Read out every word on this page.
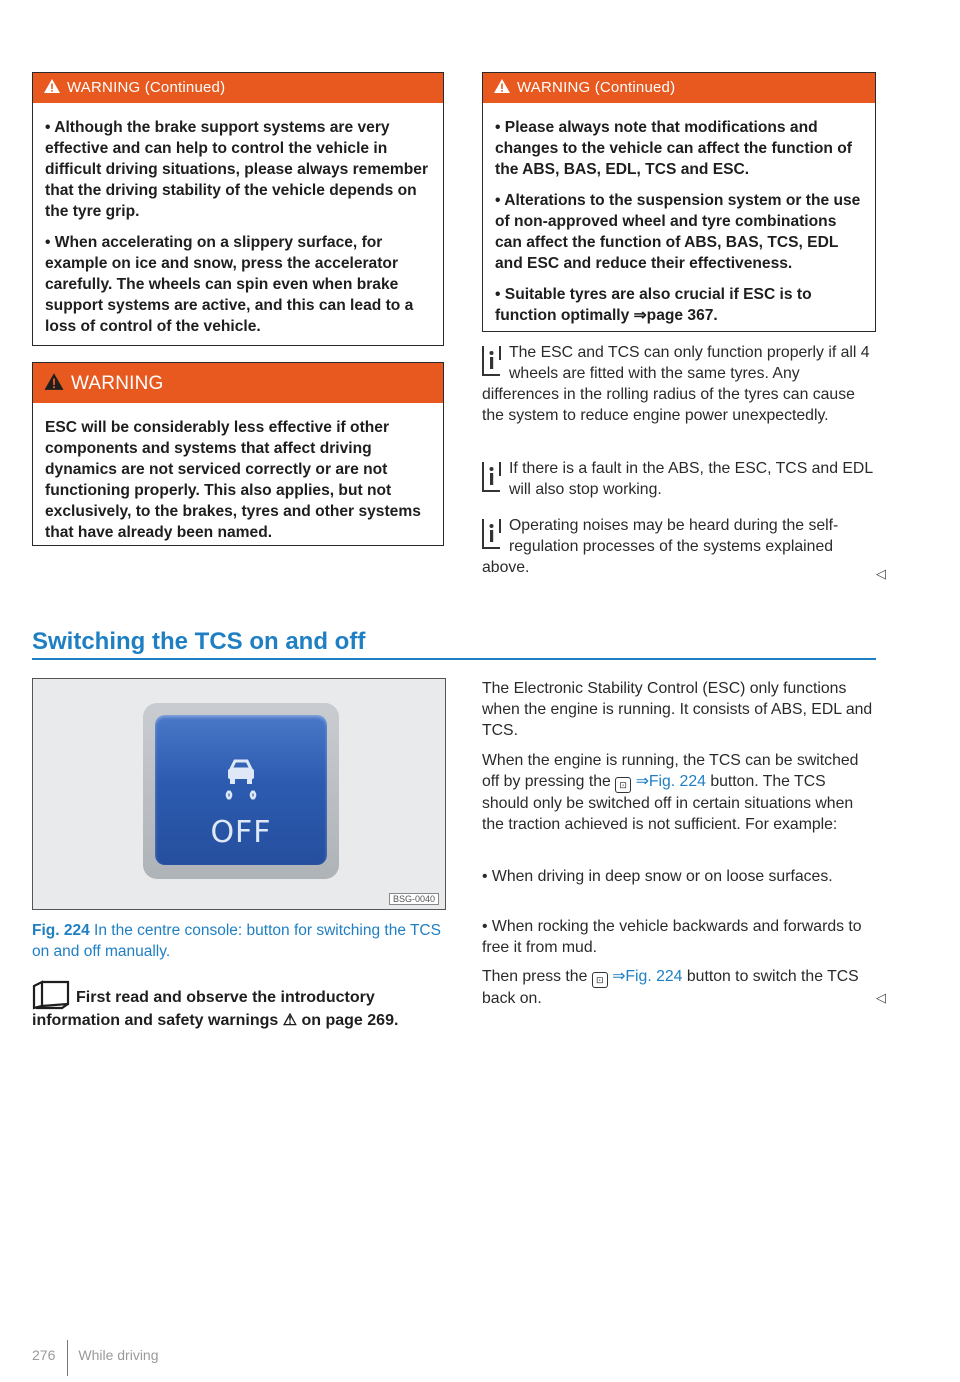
WARNING (Continued)

• Although the brake support systems are very effective and can help to control the vehicle in difficult driving situations, please always remember that the driving stability of the vehicle depends on the tyre grip.

• When accelerating on a slippery surface, for example on ice and snow, press the accelerator carefully. The wheels can spin even when brake support systems are active, and this can lead to a loss of control of the vehicle.

WARNING

ESC will be considerably less effective if other components and systems that affect driving dynamics are not serviced correctly or are not functioning properly. This also applies, but not exclusively, to the brakes, tyres and other systems that have already been named.

WARNING (Continued)

• Please always note that modifications and changes to the vehicle can affect the function of the ABS, BAS, EDL, TCS and ESC.

• Alterations to the suspension system or the use of non-approved wheel and tyre combinations can affect the function of ABS, BAS, TCS, EDL and ESC and reduce their effectiveness.

• Suitable tyres are also crucial if ESC is to function optimally ⇒page 367.

The ESC and TCS can only function properly if all 4 wheels are fitted with the same tyres. Any differences in the rolling radius of the tyres can cause the system to reduce engine power unexpectedly.

If there is a fault in the ABS, the ESC, TCS and EDL will also stop working.

Operating noises may be heard during the self-regulation processes of the systems explained above.	◁
Switching the TCS on and off
OFF
BSG-0040
Fig. 224 In the centre console: button for switching the TCS on and off manually.
First read and observe the introductory information and safety warnings ⚠ on page 269.
The Electronic Stability Control (ESC) only functions when the engine is running. It consists of ABS, EDL and TCS.
When the engine is running, the TCS can be switched off by pressing the ⊡ ⇒Fig. 224 button. The TCS should only be switched off in certain situations when the traction achieved is not sufficient. For example:
• When driving in deep snow or on loose surfaces.
• When rocking the vehicle backwards and forwards to free it from mud.
Then press the ⊡ ⇒Fig. 224 button to switch the TCS back on.	◁
276 While driving
